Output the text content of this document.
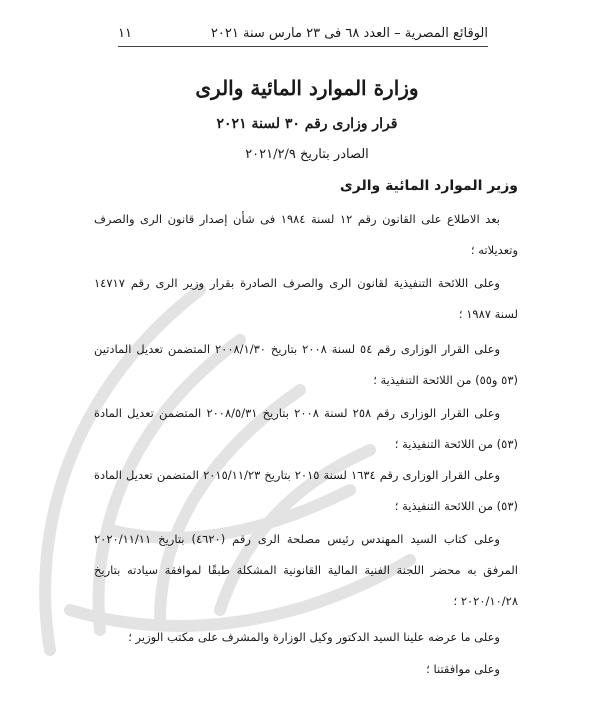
الوقائع المصرية – العدد ٦٨ فى ٢٣ مارس سنة ٢٠٢١
١١
وزارة الموارد المائية والرى
قرار وزارى رقم ٣٠ لسنة ٢٠٢١
الصادر بتاريخ ٢٠٢١/٢/٩
وزير الموارد المائية والرى
بعد الاطلاع على القانون رقم ١٢ لسنة ١٩٨٤ فى شأن إصدار قانون الرى والصرف وتعديلاته ؛
وعلى اللائحة التنفيذية لقانون الرى والصرف الصادرة بقرار وزير الرى رقم ١٤٧١٧ لسنة ١٩٨٧ ؛
وعلى القرار الوزارى رقم ٥٤ لسنة ٢٠٠٨ بتاريخ ٢٠٠٨/١/٣٠ المتضمن تعديل المادتين (٥٣ و٥٥) من اللائحة التنفيذية ؛
وعلى القرار الوزارى رقم ٢٥٨ لسنة ٢٠٠٨ بتاريخ ٢٠٠٨/٥/٣١ المتضمن تعديل المادة (٥٣) من اللائحة التنفيذية ؛
وعلى القرار الوزارى رقم ١٦٣٤ لسنة ٢٠١٥ بتاريخ ٢٠١٥/١١/٢٣ المتضمن تعديل المادة (٥٣) من اللائحة التنفيذية ؛
وعلى كتاب السيد المهندس رئيس مصلحة الرى رقم (٤٦٢٠) بتاريخ ٢٠٢٠/١١/١١ المرفق به محضر اللجنة الفنية المالية القانونية المشكلة طبقًا لموافقة سيادته بتاريخ ٢٠٢٠/١٠/٢٨ ؛
وعلى ما عرضه علينا السيد الدكتور وكيل الوزارة والمشرف على مكتب الوزير ؛
وعلى موافقتنا ؛
